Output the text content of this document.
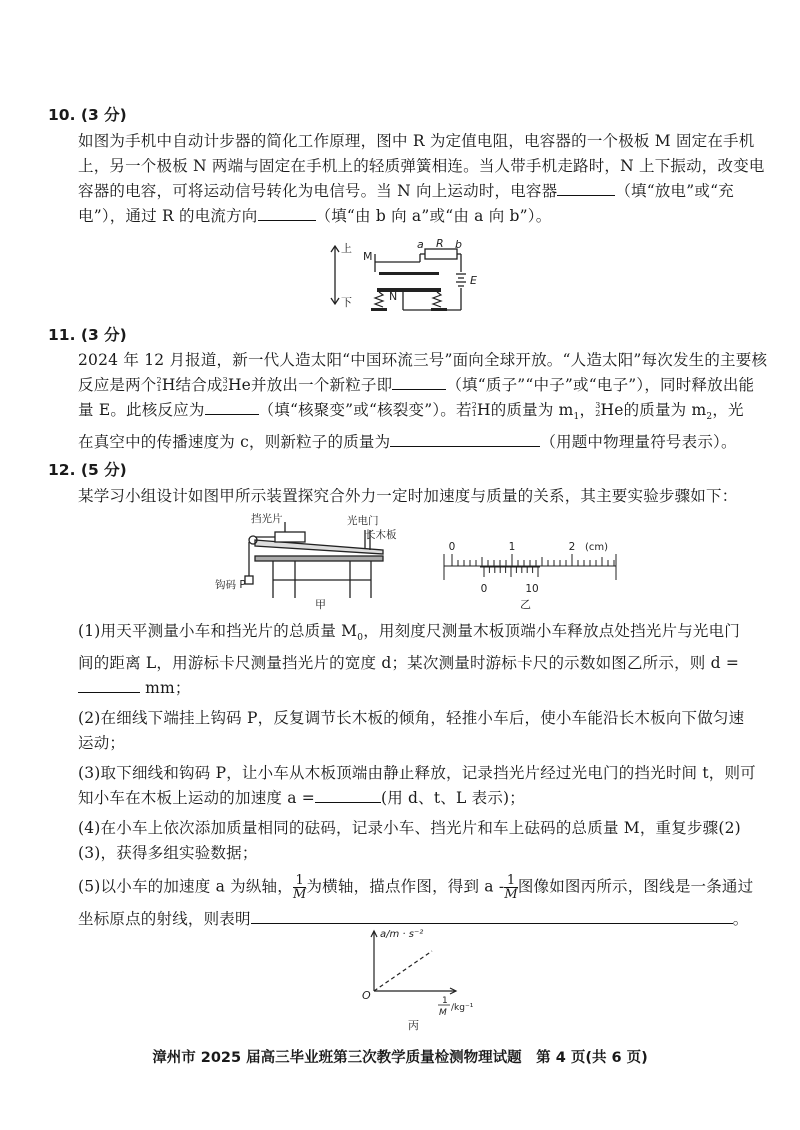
10. (3 分)
如图为手机中自动计步器的简化工作原理，图中 R 为定值电阻，电容器的一个极板 M 固定在手机
上，另一个极板 N 两端与固定在手机上的轻质弹簧相连。当人带手机走路时，N 上下振动，改变电
容器的电容，可将运动信号转化为电信号。当 N 向上运动时，电容器	（填“放电”或“充
电”），通过 R 的电流方向	（填“由 b 向 a”或“由 a 向 b”）。
上
下
M
N
a R b
E
11. (3 分)
2024 年 12 月报道，新一代人造太阳“中国环流三号”面向全球开放。“人造太阳”每次发生的主要核
反应是两个 2
1 H结合成 3
2 He并放出一个新粒子即	（填“质子”“中子”或“电子”），同时释放出能
量 E。此核反应为	（填“核聚变”或“核裂变”）。若 2
1 H的质量为 $m_1$， 3
2 He的质量为 $m_2$，光
在真空中的传播速度为 c，则新粒子的质量为	（用题中物理量符号表示）。
12. (5 分)
某学习小组设计如图甲所示装置探究合外力一定时加速度与质量的关系，其主要实验步骤如下：
挡光片	光电门
长木板
钩码 P
甲
0	1	2 (cm)
0	10
乙
(1)用天平测量小车和挡光片的总质量 $M_0$，用刻度尺测量木板顶端小车释放点处挡光片与光电门
间的距离 L，用游标卡尺测量挡光片的宽度 d；某次测量时游标卡尺的示数如图乙所示，则 d =
mm；
(2)在细线下端挂上钩码 P，反复调节长木板的倾角，轻推小车后，使小车能沿长木板向下做匀速
运动；
(3)取下细线和钩码 P，让小车从木板顶端由静止释放，记录挡光片经过光电门的挡光时间 t，则可
知小车在木板上运动的加速度 a =	(用 d、t、L 表示)；
(4)在小车上依次添加质量相同的砝码，记录小车、挡光片和车上砝码的总质量 M，重复步骤(2)
(3)，获得多组实验数据；
(5)以小车的加速度 a 为纵轴， $\frac{1}{M}$ 为横轴，描点作图，得到 a - $\frac{1}{M}$ 图像如图丙所示，图线是一条通过
坐标原点的射线，则表明	。
a/m · s⁻²
O	1
M /kg⁻¹
丙
漳州市 2025 届高三毕业班第三次教学质量检测物理试题　第 4 页(共 6 页)
